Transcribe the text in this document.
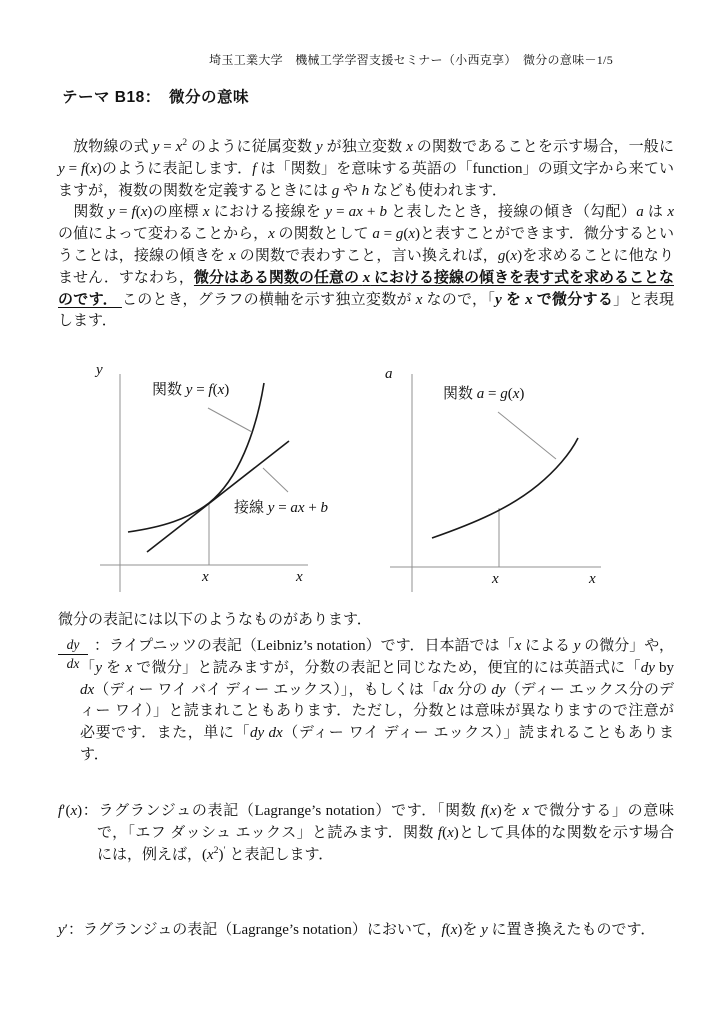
埼玉工業大学　機械工学学習支援セミナー（小西克享）　微分の意味－1/5
テーマ B18：　微分の意味

　放物線の式 $y = x^2$ のように従属変数 y が独立変数 x の関数であることを示す場合，一般に y = f(x)のように表記します．f は「関数」を意味する英語の「function」の頭文字から来ていますが，複数の関数を定義するときには g や h なども使われます．

　関数 y = f(x)の座標 x における接線を y = ax + b と表したとき，接線の傾き（勾配）a は x の値によって変わることから，x の関数として a = g(x)と表すことができます．微分するということは，接線の傾きを x の関数で表わすこと，言い換えれば，g(x)を求めることに他なりません．すなわち，微分はある関数の任意の x における接線の傾きを表す式を求めることなのです． このとき，グラフの横軸を示す独立変数が x なので，「y を x で微分する」と表現します．

y
関数 y = f(x)
接線 y = ax + b
x	x
a
関数 a = g(x)
x	x

微分の表記には以下のようなものがあります．

$\frac{dy}{dx}$ ：ライプニッツの表記（Leibniz’s notation）です．日本語では「x による y の微分」や，「y を x で微分」と読みますが，分数の表記と同じなため，便宜的には英語式に「dy by dx（ディー ワイ バイ ディー エックス）」，もしくは「dx 分の dy（ディー エックス分のディー ワイ）」と読まれこともあります．ただし，分数とは意味が異なりますので注意が必要です．また，単に「dy dx（ディー ワイ ディー エックス）」読まれることもあります．

f′(x)：ラグランジュの表記（Lagrange’s notation）です．「関数 f(x)を x で微分する」の意味で，「エフ ダッシュ エックス」と読みます．関数 f(x)として具体的な関数を示す場合には，例えば，$(x^2)'$ と表記します．

y′：ラグランジュの表記（Lagrange’s notation）において，f(x)を y に置き換えたものです．
